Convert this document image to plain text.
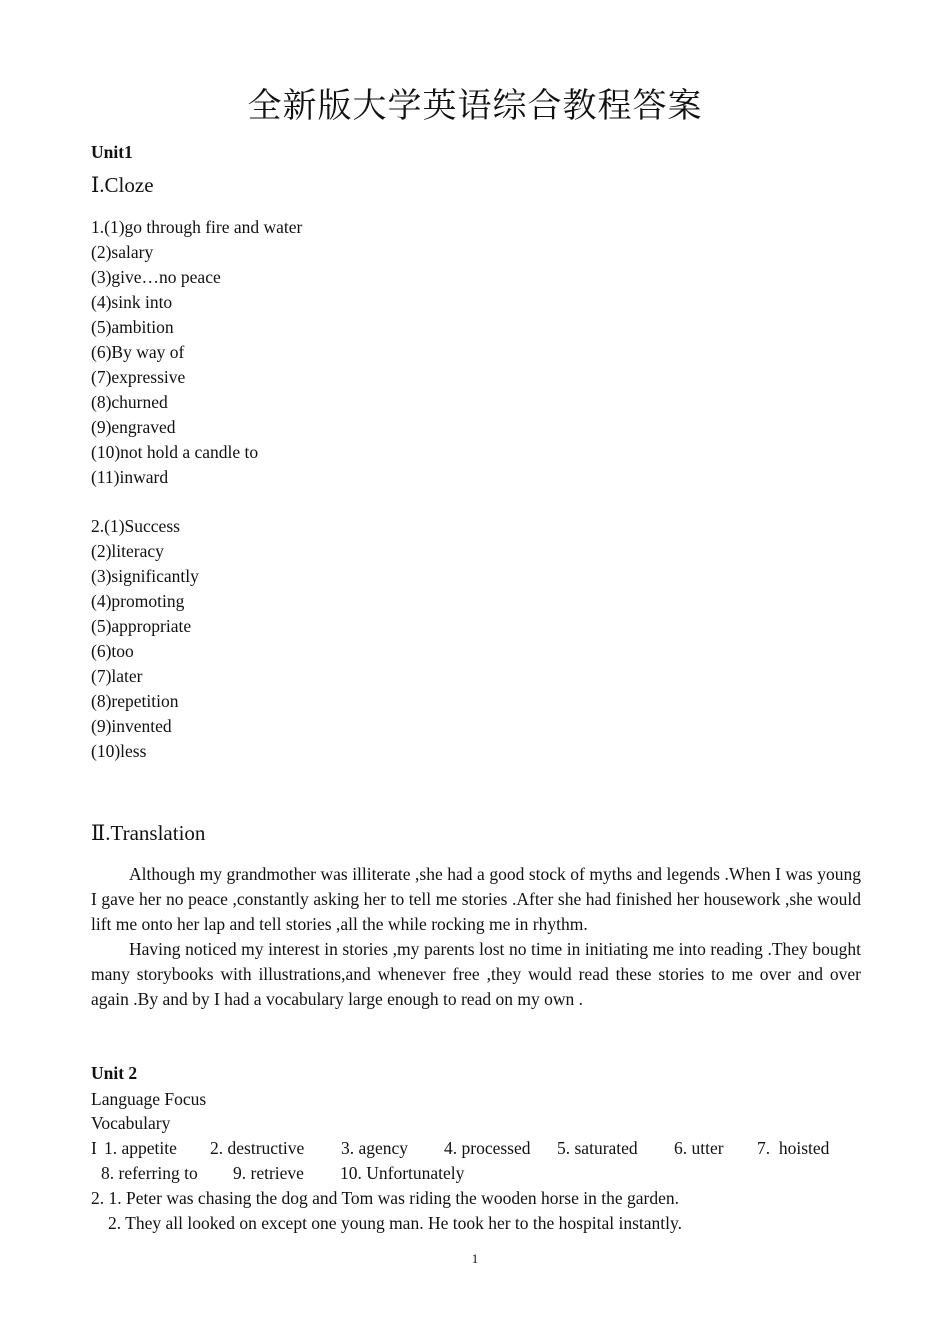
全新版大学英语综合教程答案
Unit1
Ⅰ.Cloze
1.(1)go through fire and water
(2)salary
(3)give…no peace
(4)sink into
(5)ambition
(6)By way of
(7)expressive
(8)churned
(9)engraved
(10)not hold a candle to
(11)inward
2.(1)Success
(2)literacy
(3)significantly
(4)promoting
(5)appropriate
(6)too
(7)later
(8)repetition
(9)invented
(10)less
Ⅱ.Translation
Although my grandmother was illiterate ,she had a good stock of myths and legends .When I was young I gave her no peace ,constantly asking her to tell me stories .After she had finished her housework ,she would lift me onto her lap and tell stories ,all the while rocking me in rhythm.
Having noticed my interest in stories ,my parents lost no time in initiating me into reading .They bought many storybooks with illustrations,and whenever free ,they would read these stories to me over and over again .By and by I had a vocabulary large enough to read on my own .
Unit 2
Language Focus
Vocabulary
I 1. appetite 2. destructive 3. agency 4. processed 5. saturated 6. utter 7.  hoisted
8. referring to 9. retrieve 10. Unfortunately
2. 1. Peter was chasing the dog and Tom was riding the wooden horse in the garden.
2. They all looked on except one young man. He took her to the hospital instantly.
1
